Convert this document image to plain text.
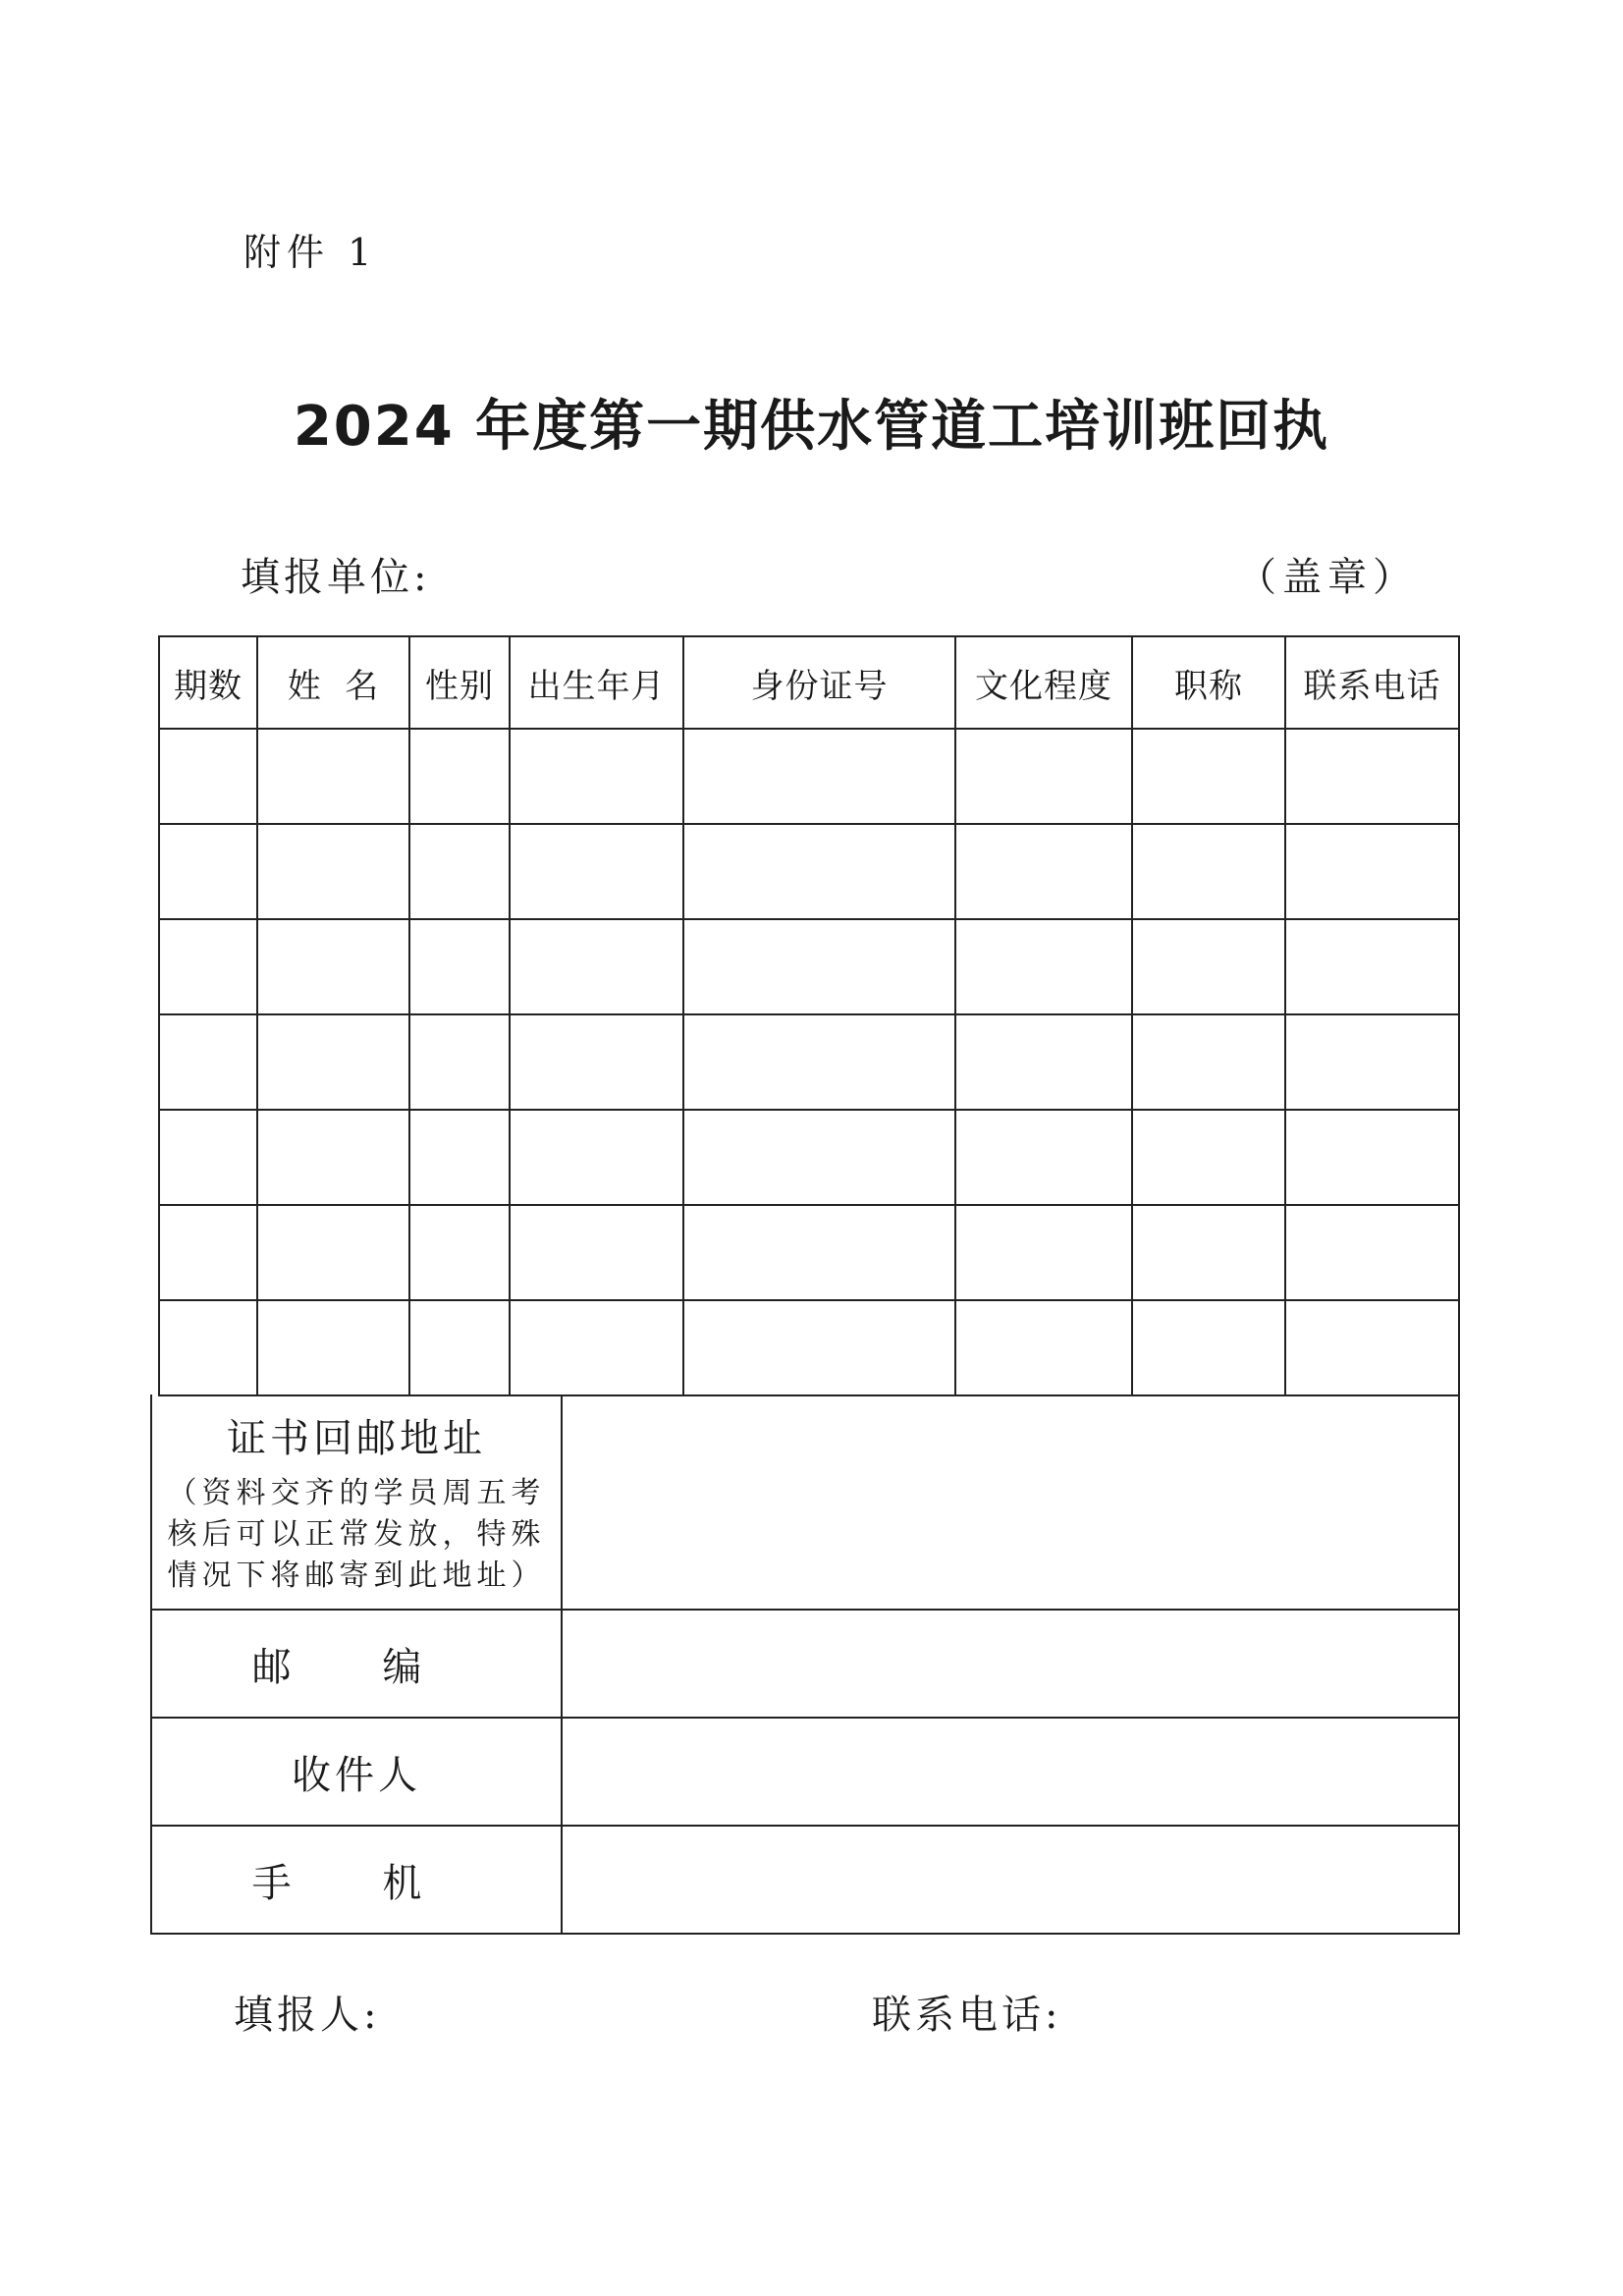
附件 1
2024 年度第一期供水管道工培训班回执
填报单位:	（盖章）
期数	姓  名	性别	出生年月	身份证号	文化程度	职称	联系电话

证书回邮地址
（资料交齐的学员周五考核后可以正常发放，特殊情况下将邮寄到此地址）	

邮 编	
收件人	
手 机	
填报人:	联系电话:
